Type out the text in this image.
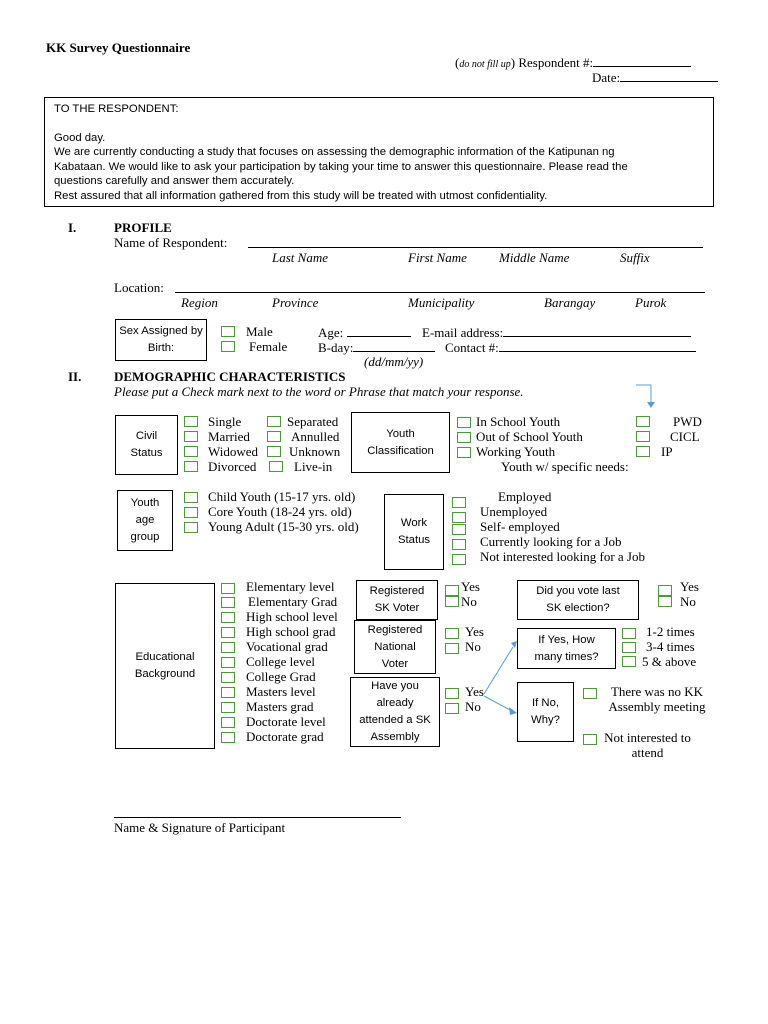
KK Survey Questionnaire
(do not fill up) Respondent #:
Date:
TO THE RESPONDENT:
Good day.
We are currently conducting a study that focuses on assessing the demographic information of the Katipunan ng
Kabataan. We would like to ask your participation by taking your time to answer this questionnaire. Please read the
questions carefully and answer them accurately.
Rest assured that all information gathered from this study will be treated with utmost confidentiality.
I.	PROFILE
Name of Respondent:
Last Name	First Name Middle Name	Suffix
Location:
Region	Province	Municipality	Barangay	Purok
Sex Assigned by Birth:
Male
Female
Age:	E-mail address:
B-day:	Contact #:
(dd/mm/yy)
II.	DEMOGRAPHIC CHARACTERISTICS
Please put a Check mark next to the word or Phrase that match your response.
Civil Status
Single
Married
Widowed
Divorced
Separated
Annulled
Unknown
Live-in
Youth Classification
In School Youth
Out of School Youth
Working Youth
Youth w/ specific needs:
PWD
CICL
IP
Youth age group
Child Youth (15-17 yrs. old)
Core Youth (18-24 yrs. old)
Young Adult (15-30 yrs. old)	Work Status
Employed
Unemployed
Self- employed
Currently looking for a Job
Not interested looking for a Job
Educational Background
Elementary level
Elementary Grad
High school level
High school grad
Vocational grad
College level
College Grad
Masters level
Masters grad
Doctorate level
Doctorate grad
Registered SK Voter
Yes
No
Registered National Voter
Yes
No
Have you already attended a SK Assembly
Yes
No
Did you vote last SK election?
Yes
No
If Yes, How many times?
1-2 times
3-4 times
5 & above
If No, Why?
There was no KK Assembly meeting
Not interested to attend
Name & Signature of Participant
